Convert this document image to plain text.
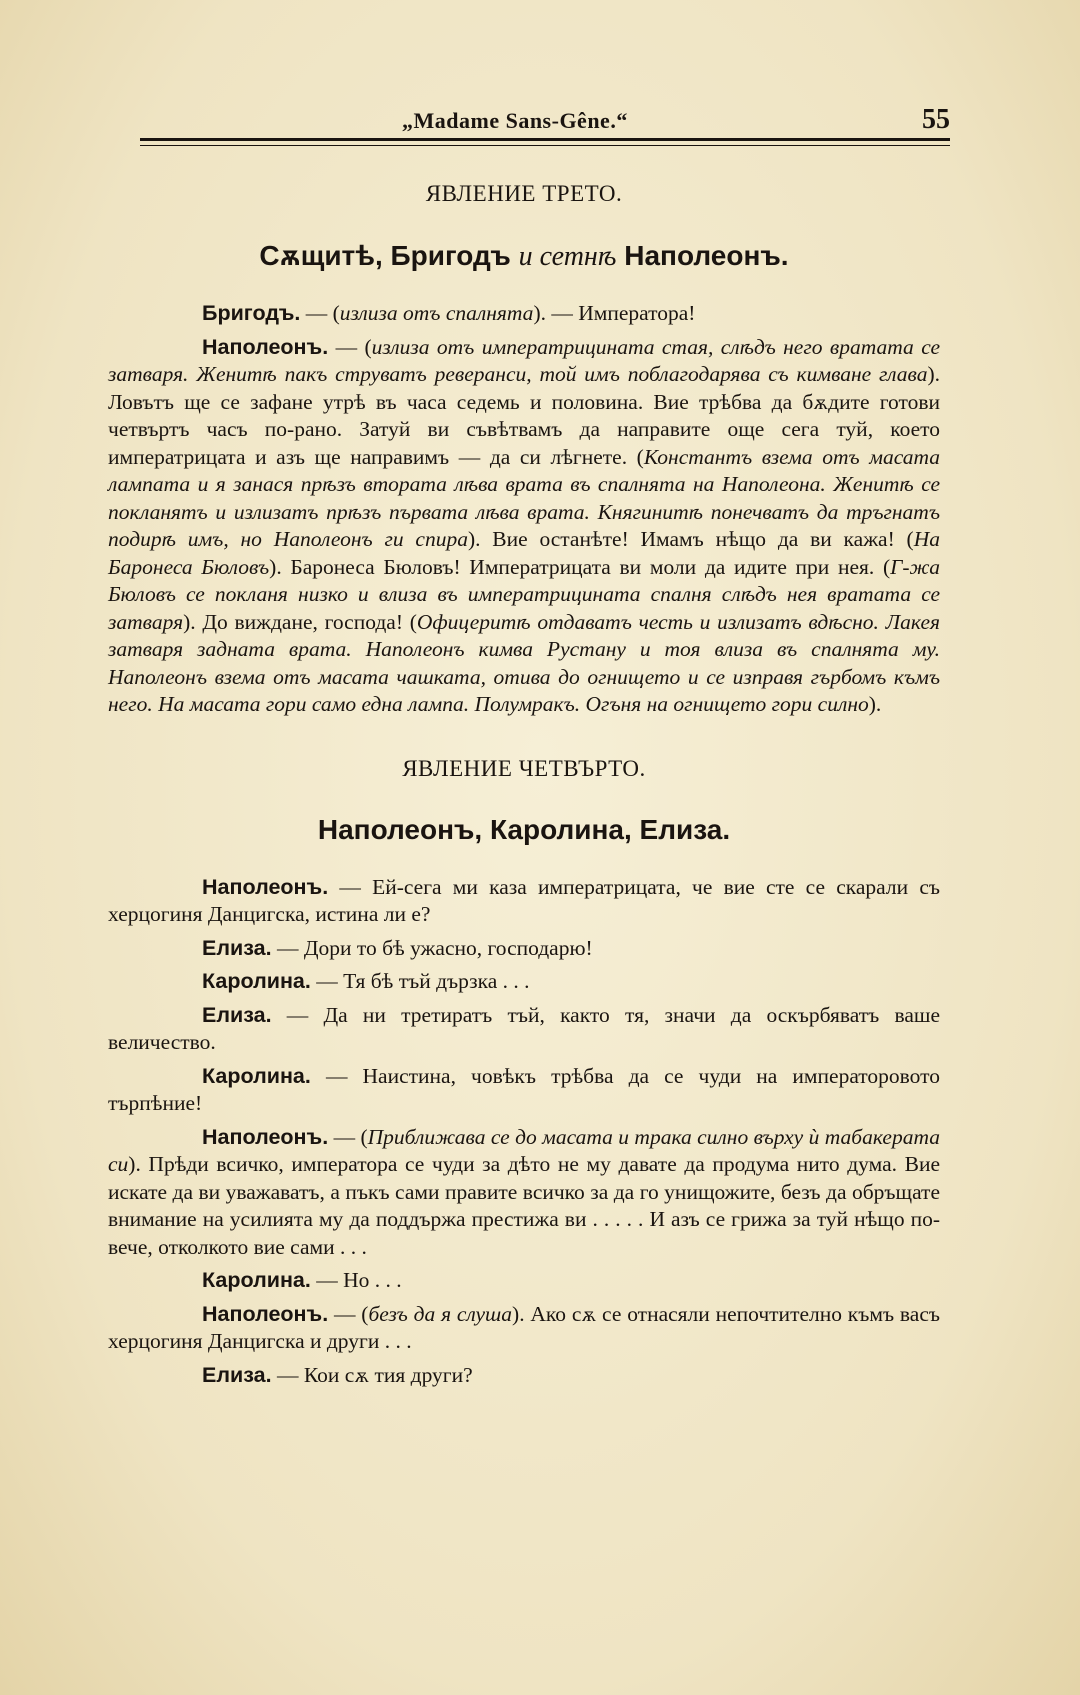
„Madame Sans-Gêne.“	55
ЯВЛЕНИЕ ТРЕТО.
Сѫщитѣ, Бригодъ и сетнѣ Наполеонъ.

Бригодъ. — (излиза отъ спалнята). — Императора!

Наполеонъ. — (излиза отъ императрицината стая, слѣдъ него вратата се затваря. Женитѣ пакъ струватъ реверанси, той имъ поблагодарява съ кимване глава). Ловътъ ще се зафане утрѣ въ часа седемь и половина. Вие трѣбва да бѫдите готови четвъртъ часъ по-рано. Затуй ви съвѣтвамъ да направите още сега туй, което императрицата и азъ ще направимъ — да си лѣгнете. (Константъ взема отъ масата лампата и я занася прѣзъ втората лѣва врата въ спалнята на Наполеона. Женитѣ се покланятъ и излизатъ прѣзъ първата лѣва врата. Княгинитѣ понечватъ да тръгнатъ подирѣ имъ, но Наполеонъ ги спира). Вие останѣте! Имамъ нѣщо да ви кажа! (На Баронеса Бюловъ). Баронеса Бюловъ! Императрицата ви моли да идите при нея. (Г-жа Бюловъ се покланя низко и влиза въ императрицината спалня слѣдъ нея вратата се затваря). До виждане, господа! (Офицеритѣ отдаватъ честь и излизатъ вдѣсно. Лакея затваря задната врата. Наполеонъ кимва Рустану и тоя влиза въ спалнята му. Наполеонъ взема отъ масата чашката, отива до огнището и се изправя гърбомъ къмъ него. На масата гори само една лампа. Полумракъ. Огъня на огнището гори силно).

ЯВЛЕНИЕ ЧЕТВЪРТО.
Наполеонъ, Каролина, Елиза.

Наполеонъ. — Ей-сега ми каза императрицата, че вие сте се скарали съ херцогиня Данцигска, истина ли е?

Елиза. — Дори то бѣ ужасно, господарю!

Каролина. — Тя бѣ тъй дързка . . .

Елиза. — Да ни третиратъ тъй, както тя, значи да оскърбяватъ ваше величество.

Каролина. — Наистина, човѣкъ трѣбва да се чуди на императоровото търпѣние!

Наполеонъ. — (Приближава се до масата и трака силно върху ѝ табакерата си). Прѣди всичко, императора се чуди за дѣто не му давате да продума нито дума. Вие искате да ви уважаватъ, а пъкъ сами правите всичко за да го унищожите, безъ да обръщате внимание на усилията му да поддържа престижа ви . . . . . И азъ се грижа за туй нѣщо по-вече, отколкото вие сами . . .

Каролина. — Но . . .

Наполеонъ. — (безъ да я слуша). Ако сѫ се отнасяли непочтително къмъ васъ херцогиня Данцигска и други . . .

Елиза. — Кои сѫ тия други?
